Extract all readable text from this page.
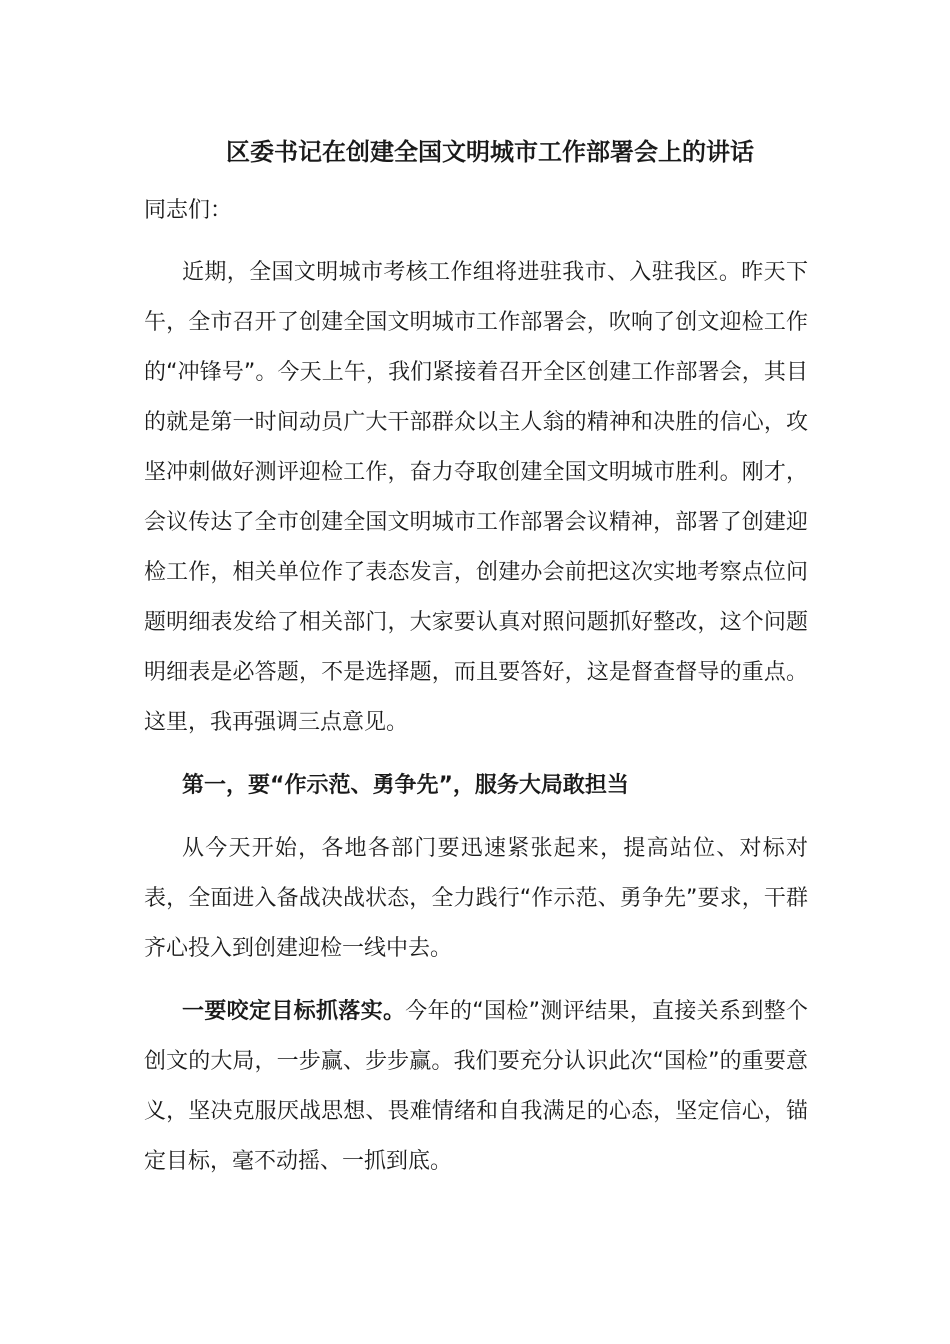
区委书记在创建全国文明城市工作部署会上的讲话

同志们：

近期，全国文明城市考核工作组将进驻我市、入驻我区。昨天下午，全市召开了创建全国文明城市工作部署会，吹响了创文迎检工作的“冲锋号”。今天上午，我们紧接着召开全区创建工作部署会，其目的就是第一时间动员广大干部群众以主人翁的精神和决胜的信心，攻坚冲刺做好测评迎检工作，奋力夺取创建全国文明城市胜利。刚才，会议传达了全市创建全国文明城市工作部署会议精神，部署了创建迎检工作，相关单位作了表态发言，创建办会前把这次实地考察点位问题明细表发给了相关部门，大家要认真对照问题抓好整改，这个问题明细表是必答题，不是选择题，而且要答好，这是督查督导的重点。这里，我再强调三点意见。

第一，要“作示范、勇争先”，服务大局敢担当

从今天开始，各地各部门要迅速紧张起来，提高站位、对标对表，全面进入备战决战状态，全力践行“作示范、勇争先”要求，干群齐心投入到创建迎检一线中去。

一要咬定目标抓落实。今年的“国检”测评结果，直接关系到整个创文的大局，一步赢、步步赢。我们要充分认识此次“国检”的重要意义，坚决克服厌战思想、畏难情绪和自我满足的心态，坚定信心，锚定目标，毫不动摇、一抓到底。
